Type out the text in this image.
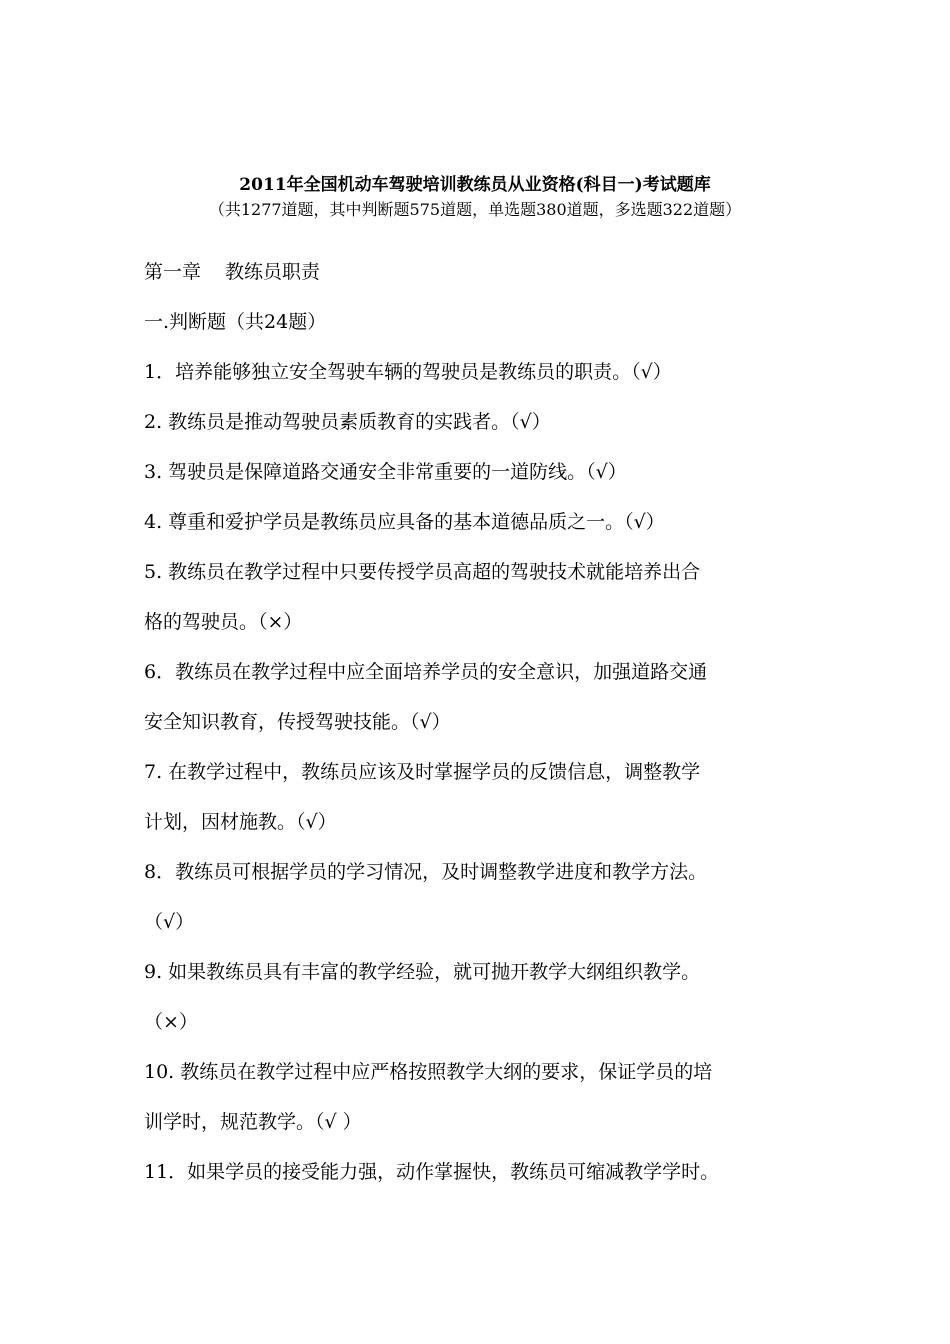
2011年全国机动车驾驶培训教练员从业资格(科目一)考试题库
（共1277道题，其中判断题575道题，单选题380道题，多选题322道题）
第一章 教练员职责
一.判断题（共24题）
1．培养能够独立安全驾驶车辆的驾驶员是教练员的职责。（√）
2. 教练员是推动驾驶员素质教育的实践者。（√）
3. 驾驶员是保障道路交通安全非常重要的一道防线。（√）
4. 尊重和爱护学员是教练员应具备的基本道德品质之一。（√）
5. 教练员在教学过程中只要传授学员高超的驾驶技术就能培养出合
格的驾驶员。（×）
6．教练员在教学过程中应全面培养学员的安全意识，加强道路交通
安全知识教育，传授驾驶技能。（√）
7. 在教学过程中，教练员应该及时掌握学员的反馈信息，调整教学
计划，因材施教。（√）
8．教练员可根据学员的学习情况，及时调整教学进度和教学方法。
（√）
9. 如果教练员具有丰富的教学经验，就可抛开教学大纲组织教学。
（×）
10. 教练员在教学过程中应严格按照教学大纲的要求，保证学员的培
训学时，规范教学。（√ ）
11．如果学员的接受能力强，动作掌握快，教练员可缩减教学学时。
